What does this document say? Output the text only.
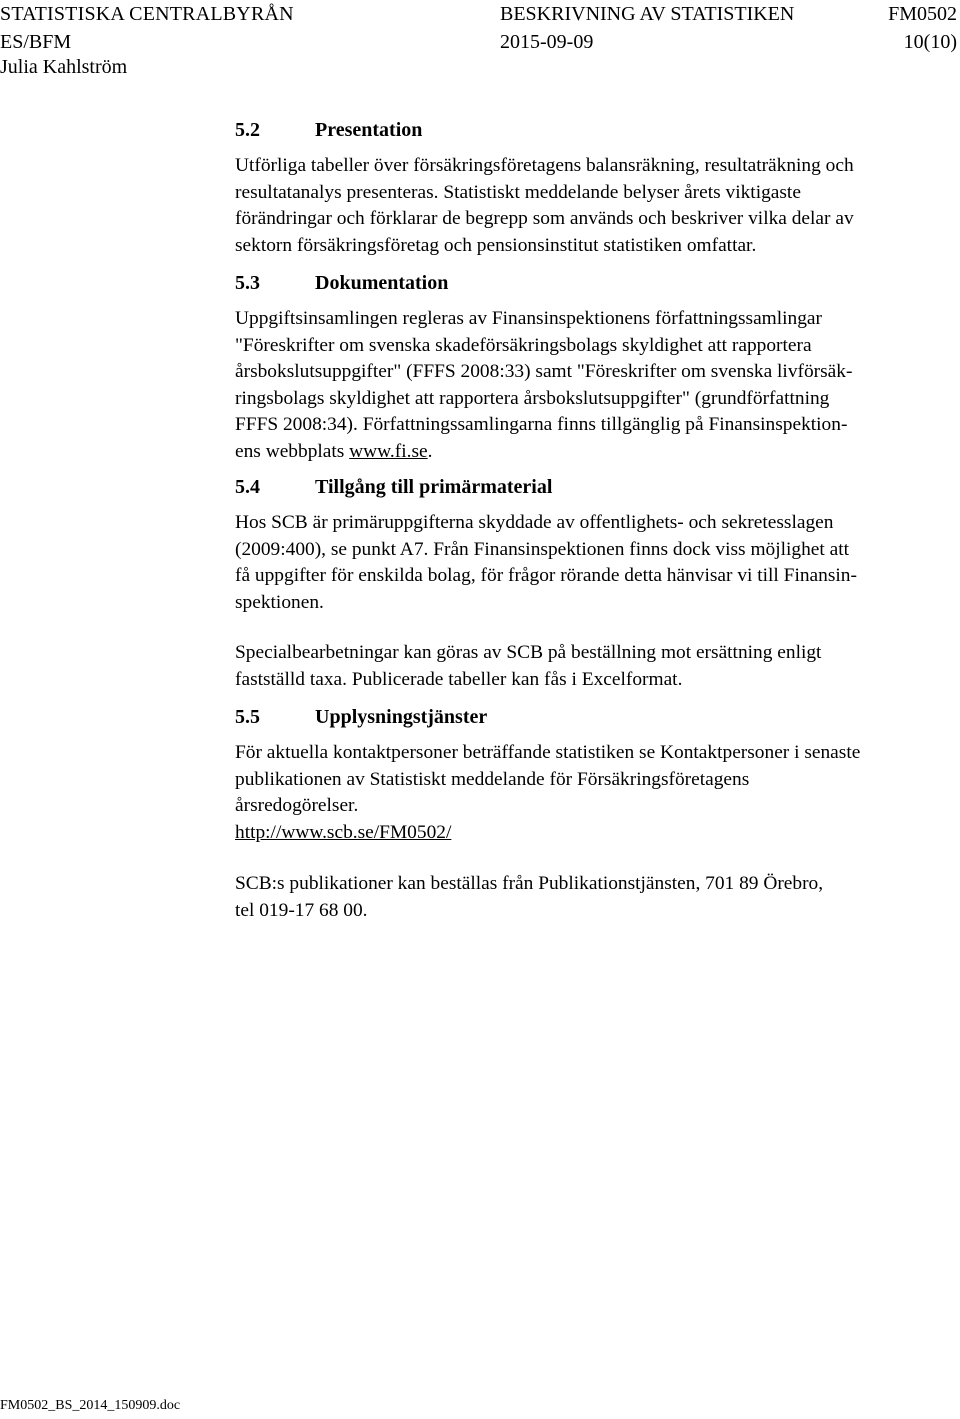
STATISTISKA CENTRALBYRÅN
ES/BFM
Julia Kahlström
BESKRIVNING AV STATISTIKEN
2015-09-09
FM0502
10(10)
5.2	Presentation
Utförliga tabeller över försäkringsföretagens balansräkning, resultaträkning och
resultatanalys presenteras. Statistiskt meddelande belyser årets viktigaste
förändringar och förklarar de begrepp som används och beskriver vilka delar av
sektorn försäkringsföretag och pensionsinstitut statistiken omfattar.
5.3	Dokumentation
Uppgiftsinsamlingen regleras av Finansinspektionens författningssamlingar
"Föreskrifter om svenska skadeförsäkringsbolags skyldighet att rapportera
årsbokslutsuppgifter" (FFFS 2008:33) samt "Föreskrifter om svenska livförsäk-
ringsbolags skyldighet att rapportera årsbokslutsuppgifter" (grundförfattning
FFFS 2008:34). Författningssamlingarna finns tillgänglig på Finansinspektion-
ens webbplats www.fi.se.
5.4	Tillgång till primärmaterial
Hos SCB är primäruppgifterna skyddade av offentlighets- och sekretesslagen
(2009:400), se punkt A7. Från Finansinspektionen finns dock viss möjlighet att
få uppgifter för enskilda bolag, för frågor rörande detta hänvisar vi till Finansin-
spektionen.
Specialbearbetningar kan göras av SCB på beställning mot ersättning enligt
fastställd taxa. Publicerade tabeller kan fås i Excelformat.
5.5	Upplysningstjänster
För aktuella kontaktpersoner beträffande statistiken se Kontaktpersoner i senaste
publikationen av Statistiskt meddelande för Försäkringsföretagens
årsredogörelser.
http://www.scb.se/FM0502/
SCB:s publikationer kan beställas från Publikationstjänsten, 701 89 Örebro,
tel 019-17 68 00.
FM0502_BS_2014_150909.doc
